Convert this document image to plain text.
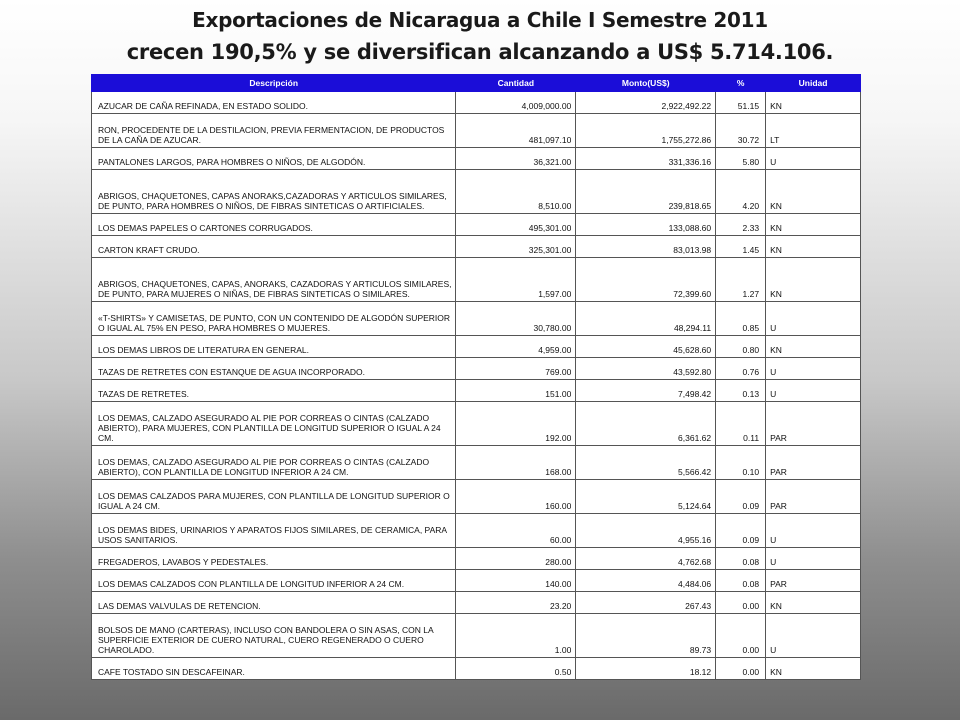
Exportaciones de Nicaragua a Chile I Semestre 2011
crecen 190,5% y se diversifican alcanzando a US$ 5.714.106.
Descripción	Cantidad	Monto(US$)	%	Unidad
AZUCAR DE CAÑA REFINADA, EN ESTADO SOLIDO.	4,009,000.00	2,922,492.22	51.15	KN
RON, PROCEDENTE DE LA DESTILACION, PREVIA FERMENTACION, DE PRODUCTOS DE LA CAÑA DE AZUCAR.	481,097.10	1,755,272.86	30.72	LT
PANTALONES LARGOS, PARA HOMBRES O NIÑOS, DE ALGODÓN.	36,321.00	331,336.16	5.80	U
ABRIGOS, CHAQUETONES, CAPAS ANORAKS,CAZADORAS Y ARTICULOS SIMILARES, DE PUNTO, PARA HOMBRES O NIÑOS, DE FIBRAS SINTETICAS O ARTIFICIALES.	8,510.00	239,818.65	4.20	KN
LOS DEMAS PAPELES O CARTONES CORRUGADOS.	495,301.00	133,088.60	2.33	KN
CARTON KRAFT CRUDO.	325,301.00	83,013.98	1.45	KN
ABRIGOS, CHAQUETONES, CAPAS, ANORAKS, CAZADORAS Y ARTICULOS SIMILARES, DE PUNTO, PARA MUJERES O NIÑAS, DE FIBRAS SINTETICAS O SIMILARES.	1,597.00	72,399.60	1.27	KN
«T-SHIRTS» Y CAMISETAS, DE PUNTO, CON UN CONTENIDO DE ALGODÓN SUPERIOR O IGUAL AL 75% EN PESO, PARA HOMBRES O MUJERES.	30,780.00	48,294.11	0.85	U
LOS DEMAS LIBROS DE LITERATURA EN GENERAL.	4,959.00	45,628.60	0.80	KN
TAZAS DE RETRETES CON ESTANQUE DE AGUA INCORPORADO.	769.00	43,592.80	0.76	U
TAZAS DE RETRETES.	151.00	7,498.42	0.13	U
LOS DEMAS, CALZADO ASEGURADO AL PIE POR CORREAS O CINTAS (CALZADO ABIERTO), PARA MUJERES, CON PLANTILLA DE LONGITUD SUPERIOR O IGUAL A 24 CM.	192.00	6,361.62	0.11	PAR
LOS DEMAS, CALZADO ASEGURADO AL PIE POR CORREAS O CINTAS (CALZADO ABIERTO), CON PLANTILLA DE LONGITUD INFERIOR A 24 CM.	168.00	5,566.42	0.10	PAR
LOS DEMAS CALZADOS PARA MUJERES, CON PLANTILLA DE LONGITUD SUPERIOR O IGUAL A 24 CM.	160.00	5,124.64	0.09	PAR
LOS DEMAS BIDES, URINARIOS Y APARATOS FIJOS SIMILARES, DE CERAMICA, PARA USOS SANITARIOS.	60.00	4,955.16	0.09	U
FREGADEROS, LAVABOS Y PEDESTALES.	280.00	4,762.68	0.08	U
LOS DEMAS CALZADOS CON PLANTILLA DE LONGITUD INFERIOR A 24 CM.	140.00	4,484.06	0.08	PAR
LAS DEMAS VALVULAS DE RETENCION.	23.20	267.43	0.00	KN
BOLSOS DE MANO (CARTERAS), INCLUSO CON BANDOLERA O SIN ASAS, CON LA SUPERFICIE EXTERIOR DE CUERO NATURAL, CUERO REGENERADO O CUERO CHAROLADO.	1.00	89.73	0.00	U
CAFE TOSTADO SIN DESCAFEINAR.	0.50	18.12	0.00	KN
